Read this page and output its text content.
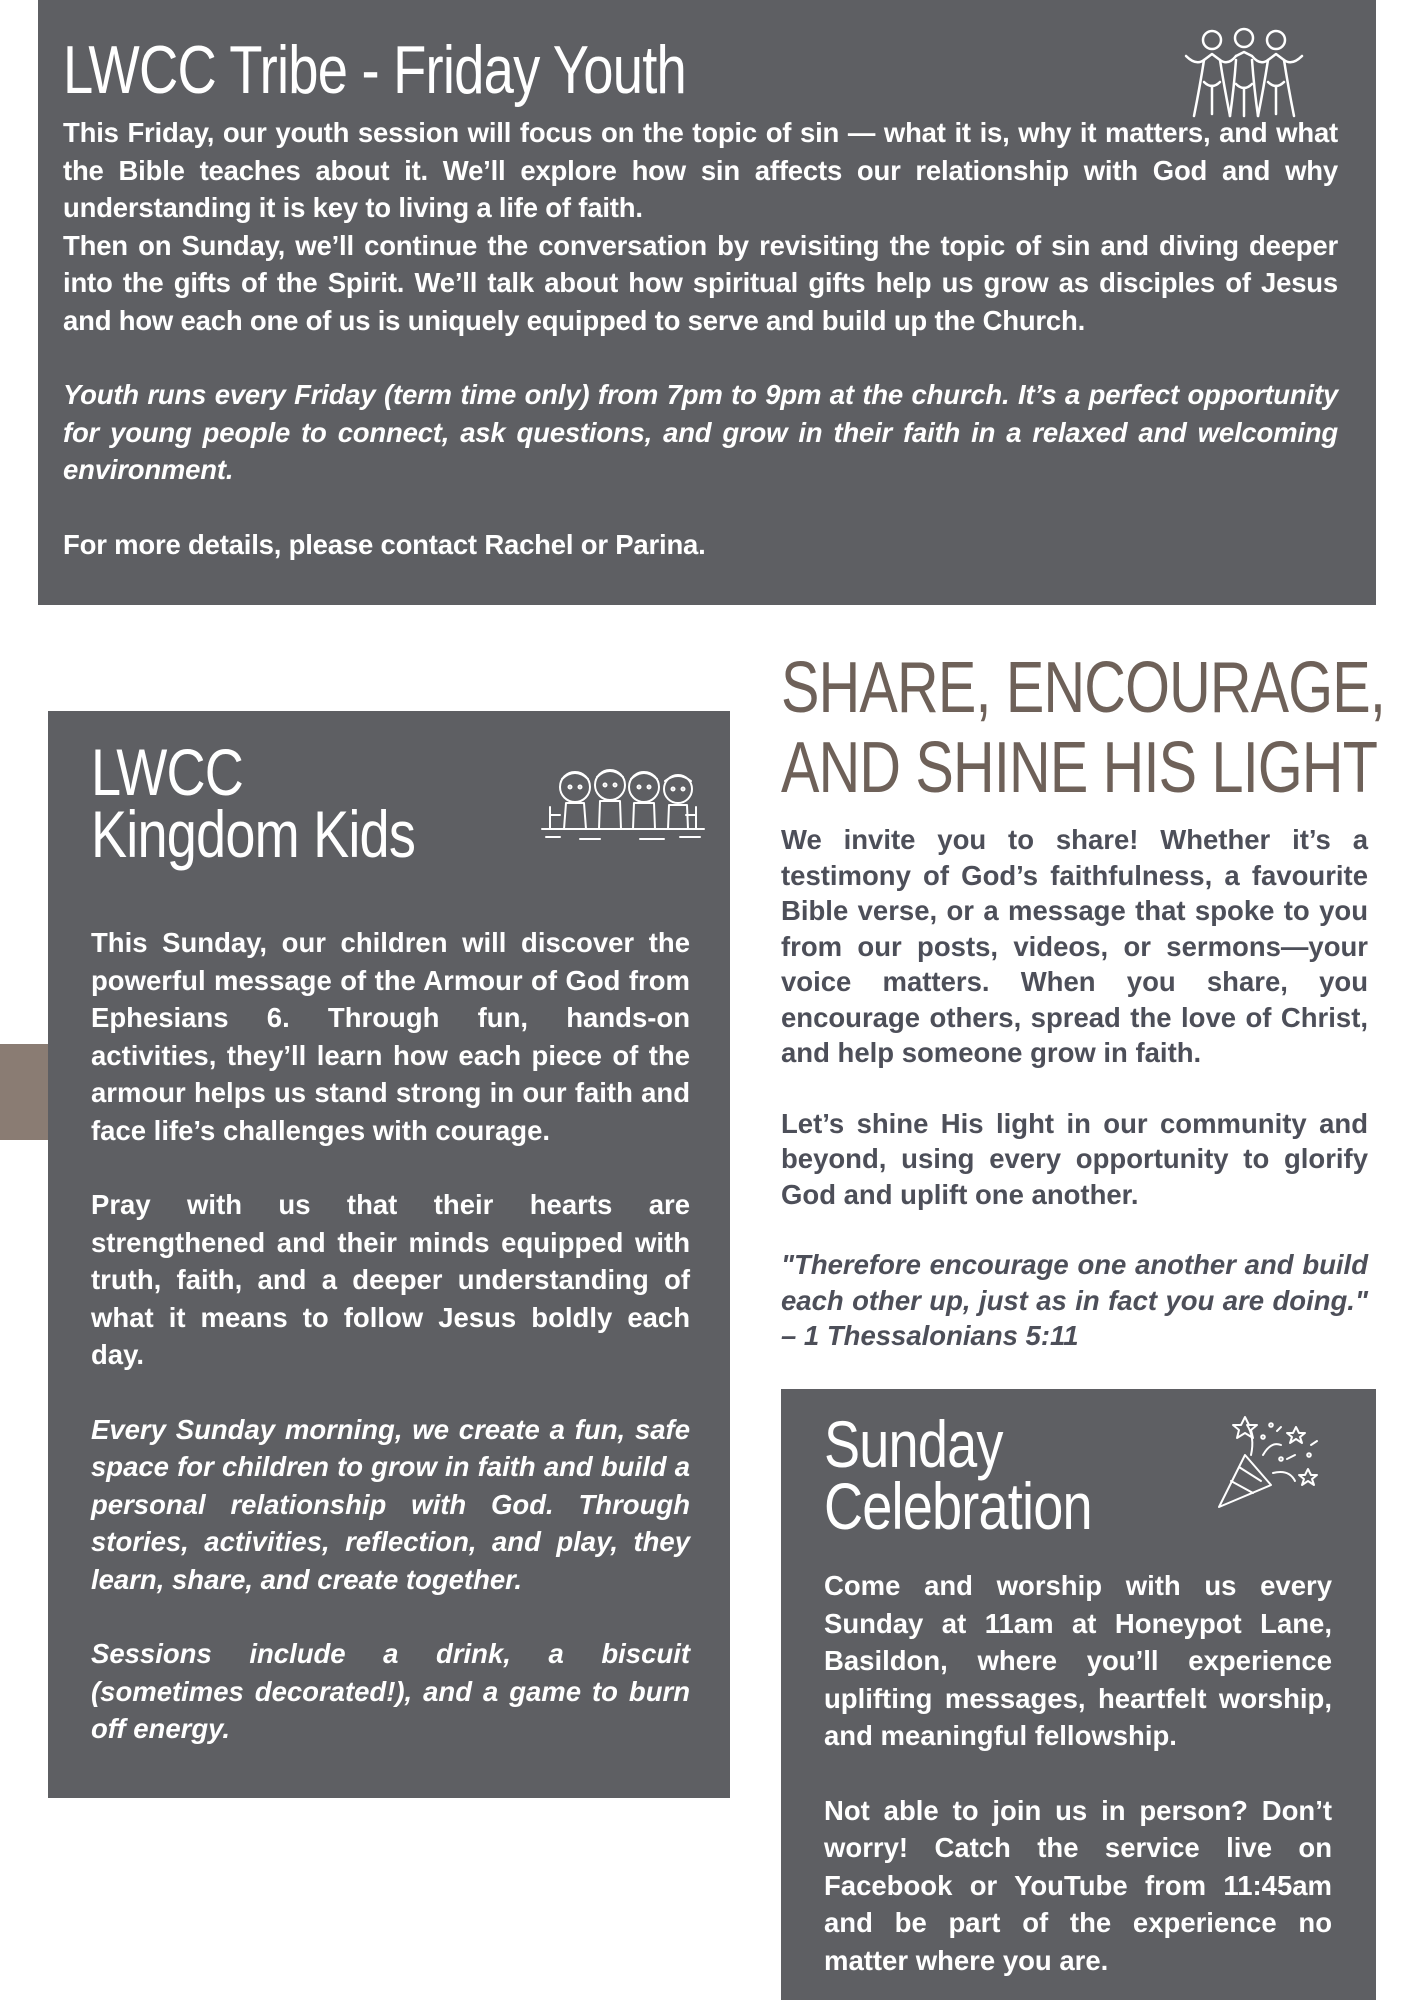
LWCC Tribe - Friday Youth

This Friday, our youth session will focus on the topic of sin — what it is, why it matters, and what the Bible teaches about it. We’ll explore how sin affects our relationship with God and why understanding it is key to living a life of faith.

Then on Sunday, we’ll continue the conversation by revisiting the topic of sin and diving deeper into the gifts of the Spirit. We’ll talk about how spiritual gifts help us grow as disciples of Jesus and how each one of us is uniquely equipped to serve and build up the Church.

Youth runs every Friday (term time only) from 7pm to 9pm at the church. It’s a perfect opportunity for young people to connect, ask questions, and grow in their faith in a relaxed and welcoming environment.

For more details, please contact Rachel or Parina.

LWCC
Kingdom Kids

This Sunday, our children will discover the powerful message of the Armour of God from Ephesians 6. Through fun, hands-on activities, they’ll learn how each piece of the armour helps us stand strong in our faith and face life’s challenges with courage.

Pray with us that their hearts are strengthened and their minds equipped with truth, faith, and a deeper understanding of what it means to follow Jesus boldly each day.

Every Sunday morning, we create a fun, safe space for children to grow in faith and build a personal relationship with God. Through stories, activities, reflection, and play, they learn, share, and create together.

Sessions include a drink, a biscuit (sometimes decorated!), and a game to burn off energy.

SHARE, ENCOURAGE,
AND SHINE HIS LIGHT

We invite you to share! Whether it’s a testimony of God’s faithfulness, a favourite Bible verse, or a message that spoke to you from our posts, videos, or sermons—your voice matters. When you share, you encourage others, spread the love of Christ, and help someone grow in faith.

Let’s shine His light in our community and beyond, using every opportunity to glorify God and uplift one another.

"Therefore encourage one another and build each other up, just as in fact you are doing." – 1 Thessalonians 5:11

Sunday
Celebration

Come and worship with us every Sunday at 11am at Honeypot Lane, Basildon, where you’ll experience uplifting messages, heartfelt worship, and meaningful fellowship.

Not able to join us in person? Don’t worry! Catch the service live on Facebook or YouTube from 11:45am and be part of the experience no matter where you are.
